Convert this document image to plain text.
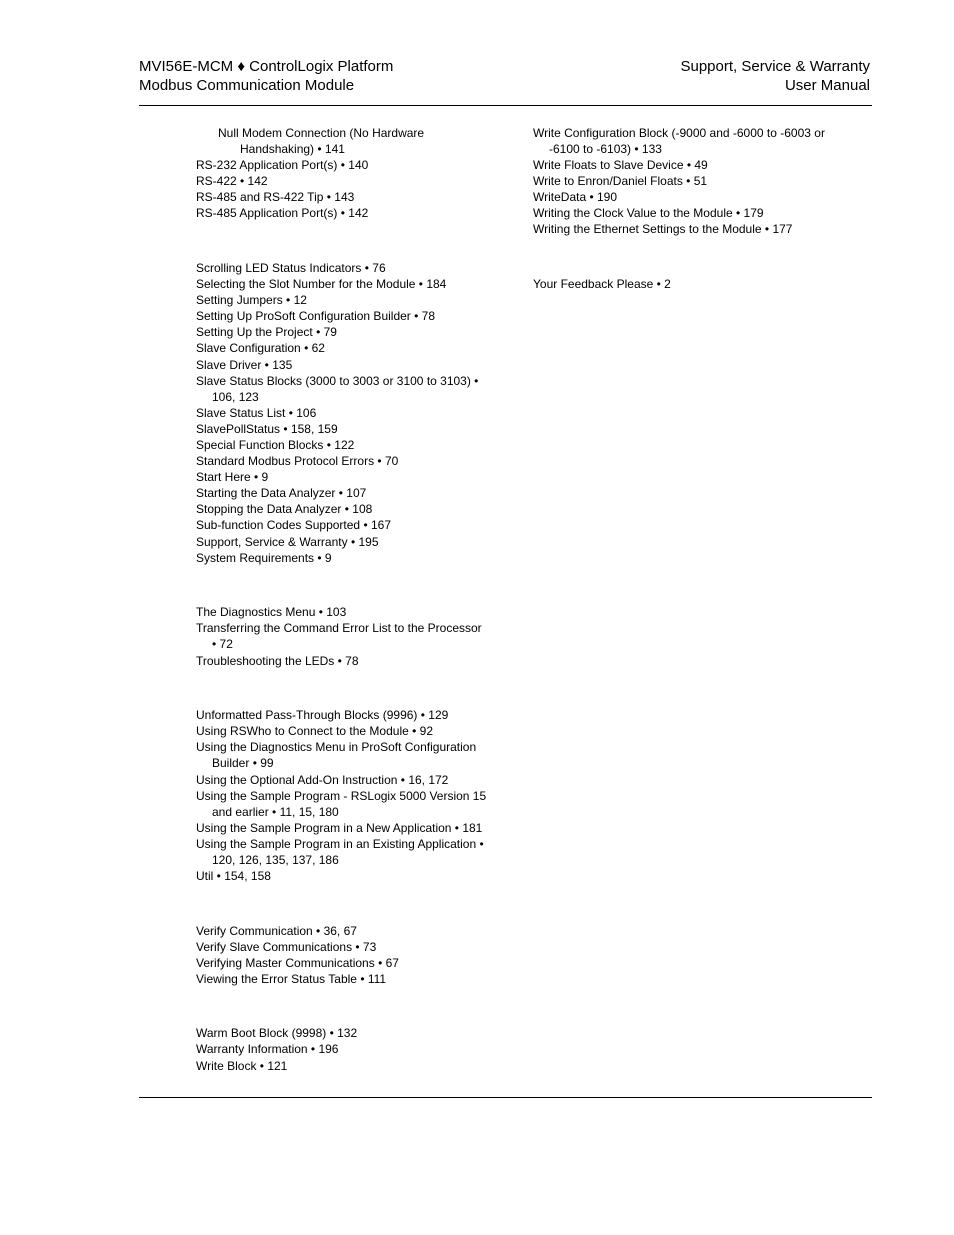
MVI56E-MCM ♦ ControlLogix Platform
Modbus Communication Module
Support, Service & Warranty
User Manual
Null Modem Connection (No Hardware
Handshaking) • 141
RS-232 Application Port(s) • 140
RS-422 • 142
RS-485 and RS-422 Tip • 143
RS-485 Application Port(s) • 142
Scrolling LED Status Indicators • 76
Selecting the Slot Number for the Module • 184
Setting Jumpers • 12
Setting Up ProSoft Configuration Builder • 78
Setting Up the Project • 79
Slave Configuration • 62
Slave Driver • 135
Slave Status Blocks (3000 to 3003 or 3100 to 3103) •
106, 123
Slave Status List • 106
SlavePollStatus • 158, 159
Special Function Blocks • 122
Standard Modbus Protocol Errors • 70
Start Here • 9
Starting the Data Analyzer • 107
Stopping the Data Analyzer • 108
Sub-function Codes Supported • 167
Support, Service & Warranty • 195
System Requirements • 9
The Diagnostics Menu • 103
Transferring the Command Error List to the Processor
• 72
Troubleshooting the LEDs • 78
Unformatted Pass-Through Blocks (9996) • 129
Using RSWho to Connect to the Module • 92
Using the Diagnostics Menu in ProSoft Configuration
Builder • 99
Using the Optional Add-On Instruction • 16, 172
Using the Sample Program - RSLogix 5000 Version 15
and earlier • 11, 15, 180
Using the Sample Program in a New Application • 181
Using the Sample Program in an Existing Application •
120, 126, 135, 137, 186
Util • 154, 158
Verify Communication • 36, 67
Verify Slave Communications • 73
Verifying Master Communications • 67
Viewing the Error Status Table • 111
Warm Boot Block (9998) • 132
Warranty Information • 196
Write Block • 121
Write Configuration Block (-9000 and -6000 to -6003 or
-6100 to -6103) • 133
Write Floats to Slave Device • 49
Write to Enron/Daniel Floats • 51
WriteData • 190
Writing the Clock Value to the Module • 179
Writing the Ethernet Settings to the Module • 177
Your Feedback Please • 2
